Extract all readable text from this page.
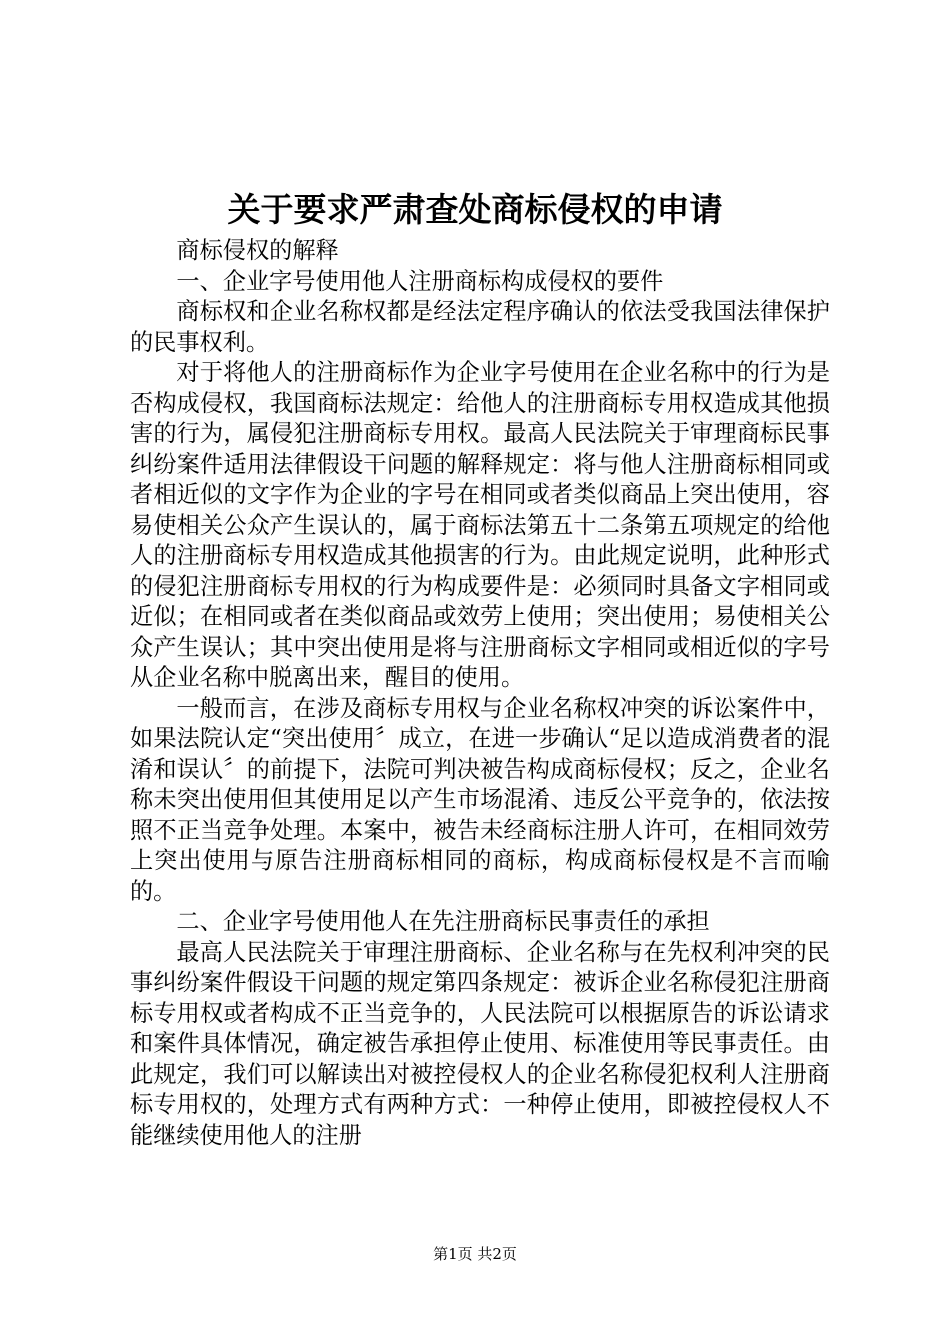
关于要求严肃查处商标侵权的申请

商标侵权的解释

一、企业字号使用他人注册商标构成侵权的要件

商标权和企业名称权都是经法定程序确认的依法受我国法律保护的民事权利。

对于将他人的注册商标作为企业字号使用在企业名称中的行为是否构成侵权，我国商标法规定：给他人的注册商标专用权造成其他损害的行为，属侵犯注册商标专用权。最高人民法院关于审理商标民事纠纷案件适用法律假设干问题的解释规定：将与他人注册商标相同或者相近似的文字作为企业的字号在相同或者类似商品上突出使用，容易使相关公众产生误认的，属于商标法第五十二条第五项规定的给他人的注册商标专用权造成其他损害的行为。由此规定说明，此种形式的侵犯注册商标专用权的行为构成要件是：必须同时具备文字相同或近似；在相同或者在类似商品或效劳上使用；突出使用；易使相关公众产生误认；其中突出使用是将与注册商标文字相同或相近似的字号从企业名称中脱离出来，醒目的使用。

一般而言，在涉及商标专用权与企业名称权冲突的诉讼案件中，如果法院认定“突出使用〞成立，在进一步确认“足以造成消费者的混淆和误认〞的前提下，法院可判决被告构成商标侵权；反之，企业名称未突出使用但其使用足以产生市场混淆、违反公平竞争的，依法按照不正当竞争处理。本案中，被告未经商标注册人许可，在相同效劳上突出使用与原告注册商标相同的商标，构成商标侵权是不言而喻的。

二、企业字号使用他人在先注册商标民事责任的承担

最高人民法院关于审理注册商标、企业名称与在先权利冲突的民事纠纷案件假设干问题的规定第四条规定：被诉企业名称侵犯注册商标专用权或者构成不正当竞争的，人民法院可以根据原告的诉讼请求和案件具体情况，确定被告承担停止使用、标准使用等民事责任。由此规定，我们可以解读出对被控侵权人的企业名称侵犯权利人注册商标专用权的，处理方式有两种方式：一种停止使用，即被控侵权人不能继续使用他人的注册

第1页 共2页
